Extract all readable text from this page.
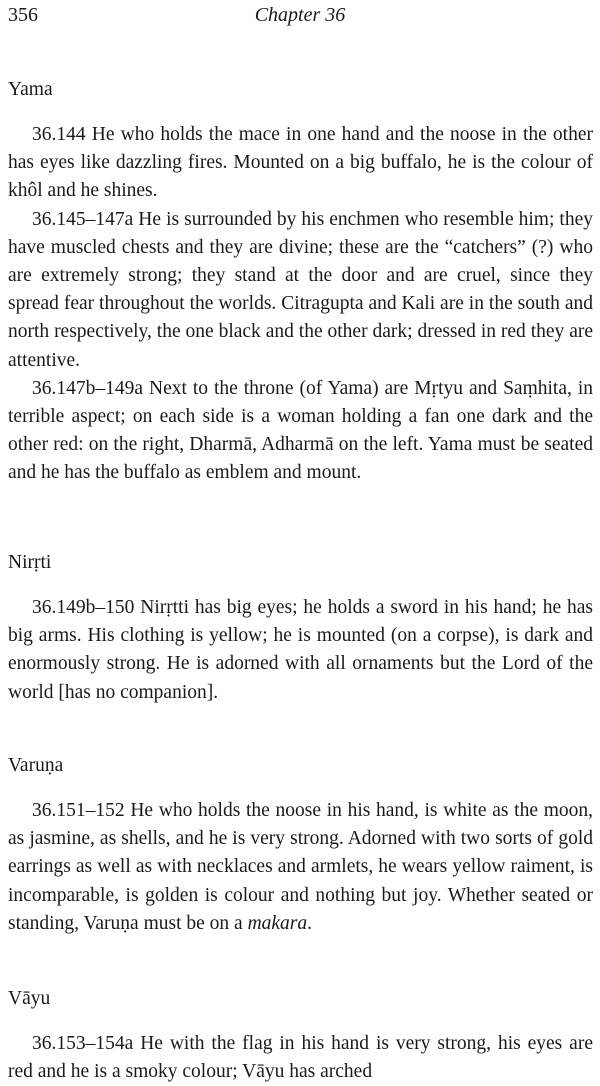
356	Chapter 36
Yama

36.144 He who holds the mace in one hand and the noose in the other has eyes like dazzling fires. Mounted on a big buffalo, he is the colour of khôl and he shines.

36.145–147a He is surrounded by his enchmen who resemble him; they have muscled chests and they are divine; these are the “catchers” (?) who are extremely strong; they stand at the door and are cruel, since they spread fear throughout the worlds. Citragupta and Kali are in the south and north respectively, the one black and the other dark; dressed in red they are attentive.

36.147b–149a Next to the throne (of Yama) are Mṛtyu and Saṃhita, in terrible aspect; on each side is a woman holding a fan one dark and the other red: on the right, Dharmā, Adharmā on the left. Yama must be seated and he has the buffalo as emblem and mount.

Nirṛti

36.149b–150 Nirṛtti has big eyes; he holds a sword in his hand; he has big arms. His clothing is yellow; he is mounted (on a corpse), is dark and enormously strong. He is adorned with all ornaments but the Lord of the world [has no companion].

Varuṇa

36.151–152 He who holds the noose in his hand, is white as the moon, as jasmine, as shells, and he is very strong. Adorned with two sorts of gold earrings as well as with necklaces and armlets, he wears yellow raiment, is incomparable, is golden is colour and nothing but joy. Whether seated or standing, Varuṇa must be on a makara.

Vāyu

36.153–154a He with the flag in his hand is very strong, his eyes are red and he is a smoky colour; Vāyu has arched
